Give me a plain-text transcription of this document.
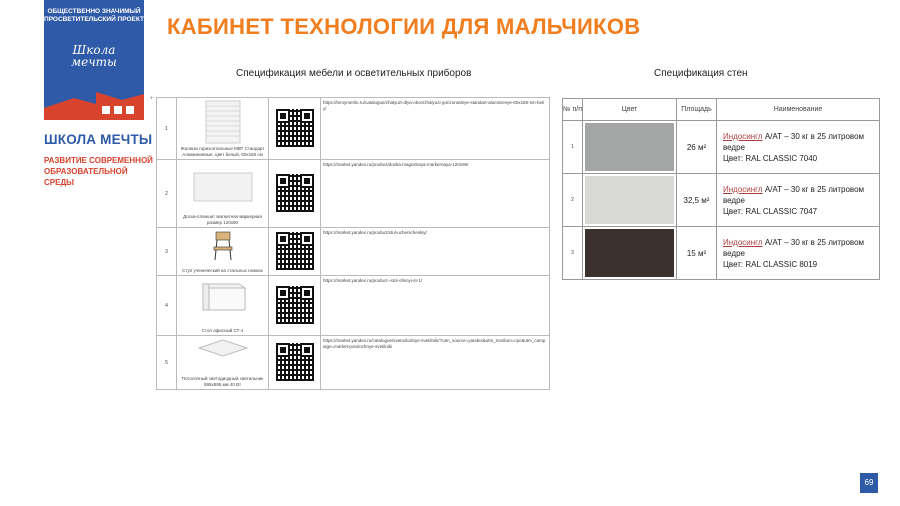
ОБЩЕСТВЕННО ЗНАЧИМЫЙ ПРОСВЕТИТЕЛЬСКИЙ ПРОЕКТ
Школа мечты
ШКОЛА МЕЧТЫ
РАЗВИТИЕ СОВРЕМЕННОЙ ОБРАЗОВАТЕЛЬНОЙ СРЕДЫ
КАБИНЕТ ТЕХНОЛОГИИ ДЛЯ МАЛЬЧИКОВ
Спецификация мебели и осветительных приборов	Спецификация стен
+
1	Жалюзи горизонтальные МВТ Стандарт Алюминиевые, цвет белый, 60х160 см		https://leroymerlin.ru/catalogue/zhalyuzi-dlya-okon/zhalyuzi-gorizontalnye-standart-aluminievye-60x160-sm-beliy/
2	Доска-планшет магнитная маркерная размер 120x90		https://market.yandex.ru/product/doska-magnitnaya-markernaya-120x90/
3	Стул ученический на стальных ножках		https://market.yandex.ru/product/stul-uchenicheskiy/
4	Стол офисный СТ-1		https://market.yandex.ru/product--stol-ofisnyi-st-1/
5	Потолочный светодиодный светильник 595x595 мм 40 Вт		https://market.yandex.ru/catalogue/svetodiodnye-svetilniki/?utm_source=yandex&utm_medium=cpc&utm_campaign=market-potolochnye-svetilniki
№ п/п	Цвет	Площадь	Наименование
1		26 м²	Индосингл А/АТ – 30 кг в 25 литровом ведре
Цвет: RAL CLASSIC 7040
2		32,5 м²	Индосингл А/АТ – 30 кг в 25 литровом ведре
Цвет: RAL CLASSIC 7047
3		15 м²	Индосингл А/АТ – 30 кг в 25 литровом ведре
Цвет: RAL CLASSIC 8019
69
